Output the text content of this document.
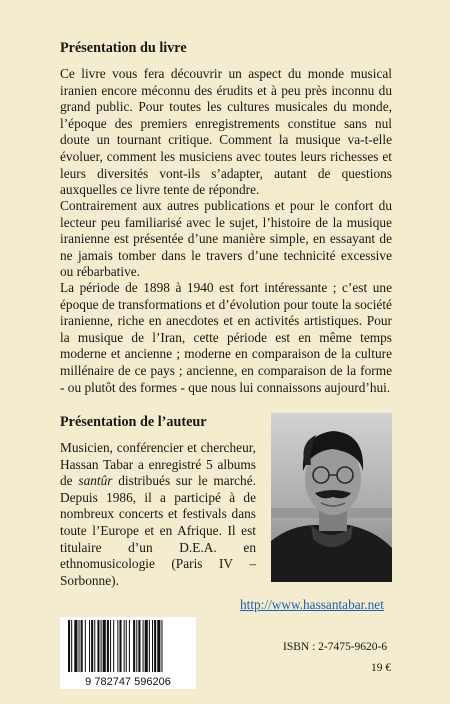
Présentation du livre

Ce livre vous fera découvrir un aspect du monde musical iranien encore méconnu des érudits et à peu près inconnu du grand public. Pour toutes les cultures musicales du monde, l’époque des premiers enregistrements constitue sans nul doute un tournant critique. Comment la musique va-t-elle évoluer, comment les musiciens avec toutes leurs richesses et leurs diversités vont-ils s’adapter, autant de questions auxquelles ce livre tente de répondre.

Contrairement aux autres publications et pour le confort du lecteur peu familiarisé avec le sujet, l’histoire de la musique iranienne est présentée d’une manière simple, en essayant de ne jamais tomber dans le travers d’une technicité excessive ou rébarbative.

La période de 1898 à 1940 est fort intéressante ; c’est une époque de transformations et d’évolution pour toute la société iranienne, riche en anecdotes et en activités artistiques. Pour la musique de l’Iran, cette période est en même temps moderne et ancienne ; moderne en comparaison de la culture millénaire de ce pays ; ancienne, en comparaison de la forme - ou plutôt des formes - que nous lui connaissons aujourd’hui.

Présentation de l’auteur

Musicien, conférencier et chercheur, Hassan Tabar a enregistré 5 albums de santûr distribués sur le marché. Depuis 1986, il a participé à de nombreux concerts et festivals dans toute l’Europe et en Afrique. Il est titulaire d’un D.E.A. en ethnomusicologie (Paris IV – Sorbonne).

http://www.hassantabar.net

9 782747 596206

ISBN : 2-7475-9620-6

19 €
